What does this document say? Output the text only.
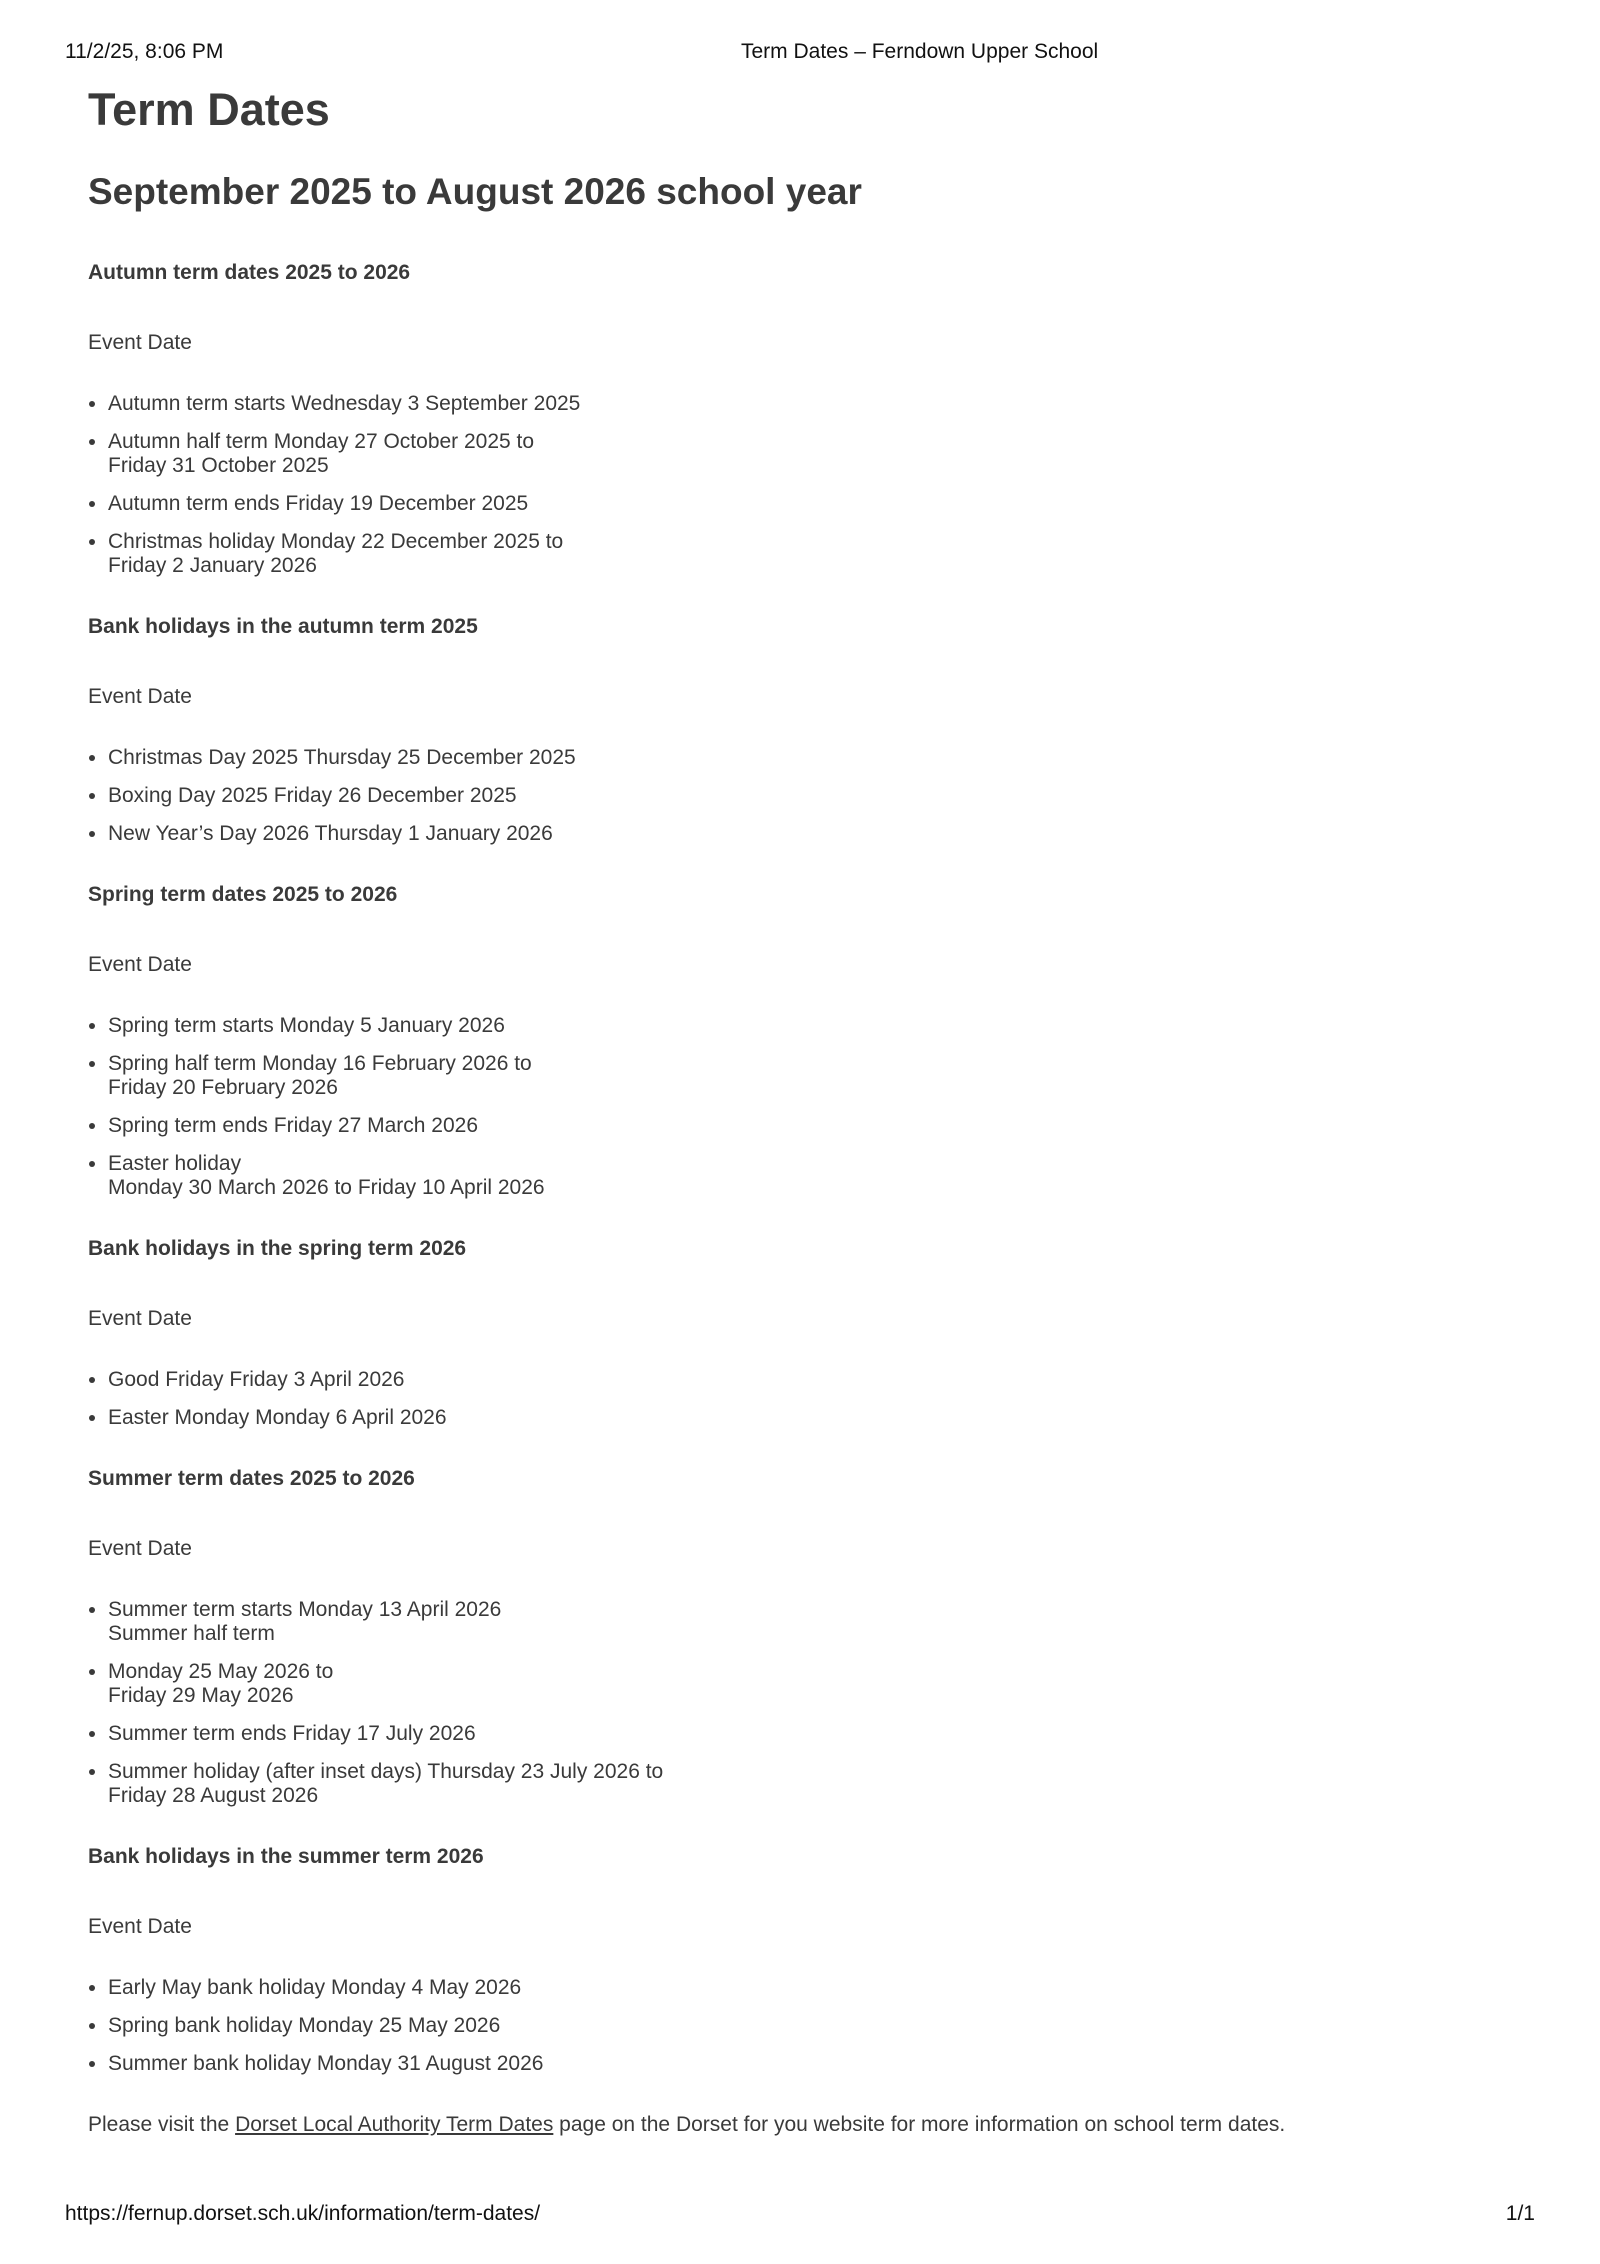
11/2/25, 8:06 PM	Term Dates – Ferndown Upper School
Term Dates
September 2025 to August 2026 school year
Autumn term dates 2025 to 2026
Event Date
• Autumn term starts Wednesday 3 September 2025
• Autumn half term Monday 27 October 2025 to
Friday 31 October 2025
• Autumn term ends Friday 19 December 2025
• Christmas holiday Monday 22 December 2025 to
Friday 2 January 2026
Bank holidays in the autumn term 2025
Event Date
• Christmas Day 2025 Thursday 25 December 2025
• Boxing Day 2025 Friday 26 December 2025
• New Year’s Day 2026 Thursday 1 January 2026
Spring term dates 2025 to 2026
Event Date
• Spring term starts Monday 5 January 2026
• Spring half term Monday 16 February 2026 to
Friday 20 February 2026
• Spring term ends Friday 27 March 2026
• Easter holiday
Monday 30 March 2026 to Friday 10 April 2026
Bank holidays in the spring term 2026
Event Date
• Good Friday Friday 3 April 2026
• Easter Monday Monday 6 April 2026
Summer term dates 2025 to 2026
Event Date
• Summer term starts Monday 13 April 2026
Summer half term
• Monday 25 May 2026 to
Friday 29 May 2026
• Summer term ends Friday 17 July 2026
• Summer holiday (after inset days) Thursday 23 July 2026 to
Friday 28 August 2026
Bank holidays in the summer term 2026
Event Date
• Early May bank holiday Monday 4 May 2026
• Spring bank holiday Monday 25 May 2026
• Summer bank holiday Monday 31 August 2026

Please visit the Dorset Local Authority Term Dates page on the Dorset for you website for more information on school term dates.

https://fernup.dorset.sch.uk/information/term-dates/	1/1
